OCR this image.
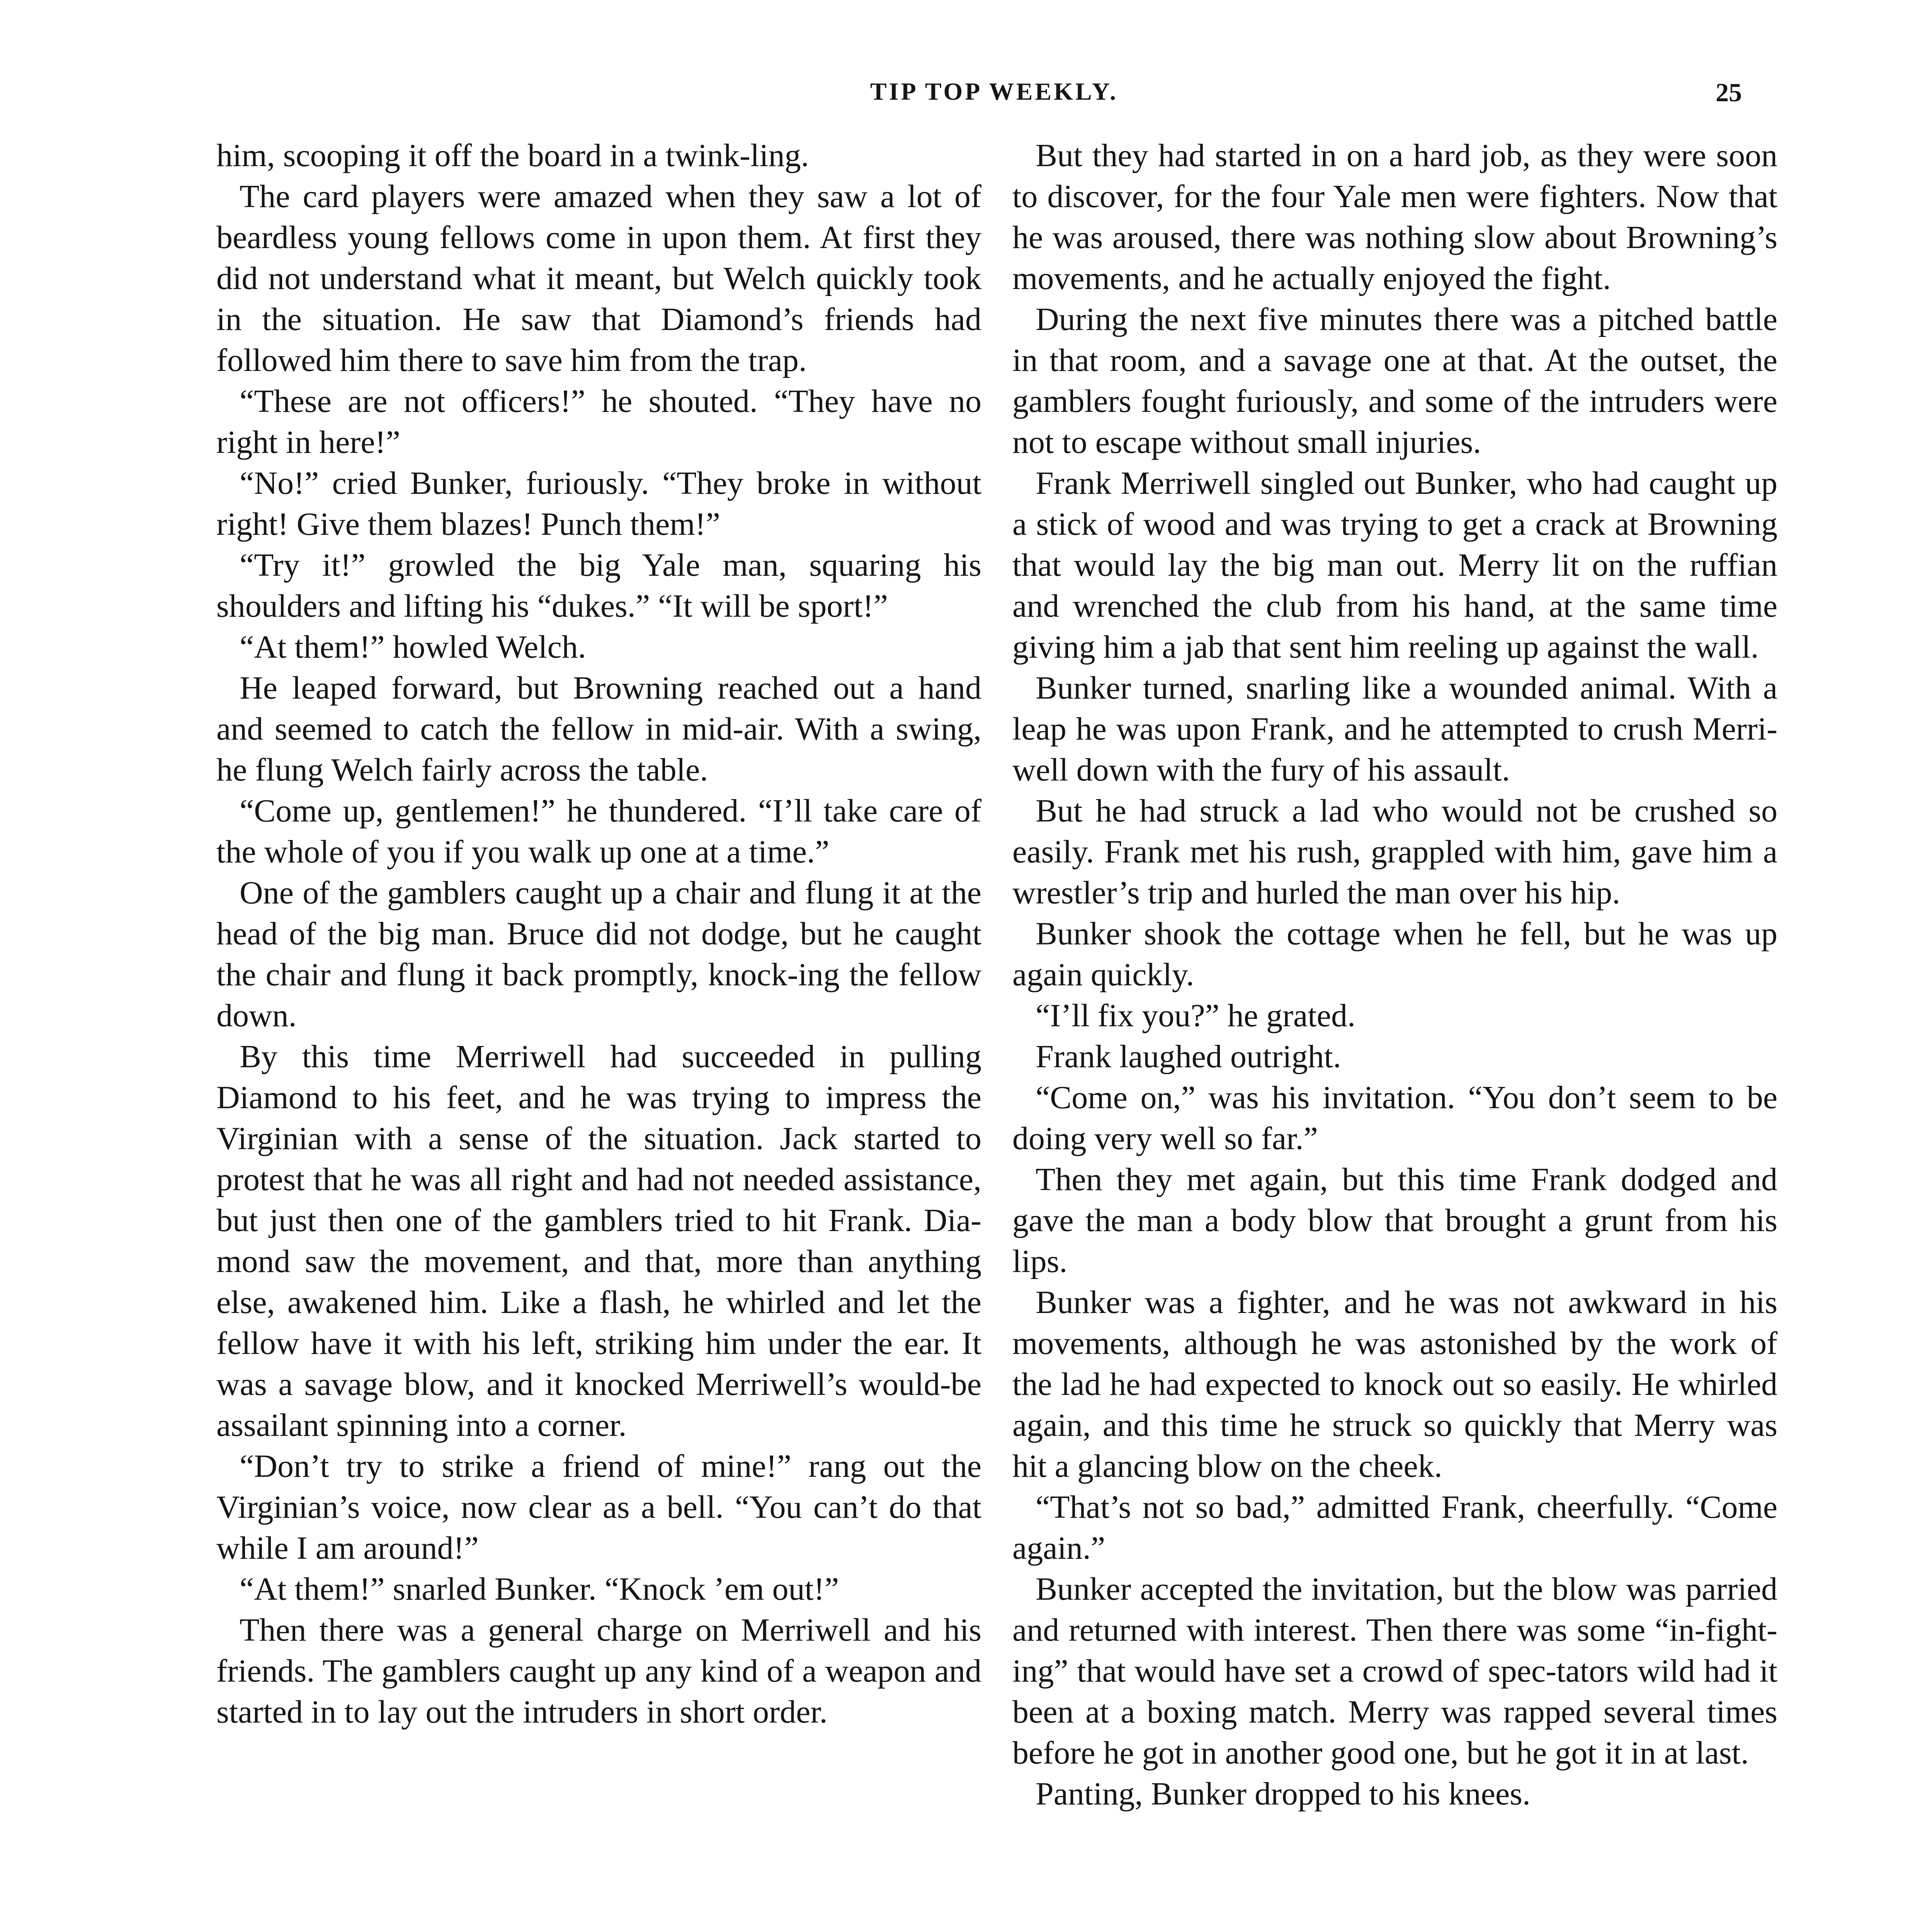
TIP TOP WEEKLY.	25

him, scooping it off the board in a twink-ling.

The card players were amazed when they saw a lot of beardless young fellows come in upon them. At first they did not understand what it meant, but Welch quickly took in the situation. He saw that Diamond’s friends had followed him there to save him from the trap.

“These are not officers!” he shouted. “They have no right in here!”

“No!” cried Bunker, furiously. “They broke in without right! Give them blazes! Punch them!”

“Try it!” growled the big Yale man, squaring his shoulders and lifting his “dukes.” “It will be sport!”

“At them!” howled Welch.

He leaped forward, but Browning reached out a hand and seemed to catch the fellow in mid-air. With a swing, he flung Welch fairly across the table.

“Come up, gentlemen!” he thundered. “I’ll take care of the whole of you if you walk up one at a time.”

One of the gamblers caught up a chair and flung it at the head of the big man. Bruce did not dodge, but he caught the chair and flung it back promptly, knock-ing the fellow down.

By this time Merriwell had succeeded in pulling Diamond to his feet, and he was trying to impress the Virginian with a sense of the situation. Jack started to protest that he was all right and had not needed assistance, but just then one of the gamblers tried to hit Frank. Dia-mond saw the movement, and that, more than anything else, awakened him. Like a flash, he whirled and let the fellow have it with his left, striking him under the ear. It was a savage blow, and it knocked Merriwell’s would-be assailant spinning into a corner.

“Don’t try to strike a friend of mine!” rang out the Virginian’s voice, now clear as a bell. “You can’t do that while I am around!”

“At them!” snarled Bunker. “Knock ’em out!”

Then there was a general charge on Merriwell and his friends. The gamblers caught up any kind of a weapon and started in to lay out the intruders in short order.

But they had started in on a hard job, as they were soon to discover, for the four Yale men were fighters. Now that he was aroused, there was nothing slow about Browning’s movements, and he actually enjoyed the fight.

During the next five minutes there was a pitched battle in that room, and a savage one at that. At the outset, the gamblers fought furiously, and some of the intruders were not to escape without small injuries.

Frank Merriwell singled out Bunker, who had caught up a stick of wood and was trying to get a crack at Browning that would lay the big man out. Merry lit on the ruffian and wrenched the club from his hand, at the same time giving him a jab that sent him reeling up against the wall.

Bunker turned, snarling like a wounded animal. With a leap he was upon Frank, and he attempted to crush Merri-well down with the fury of his assault.

But he had struck a lad who would not be crushed so easily. Frank met his rush, grappled with him, gave him a wrestler’s trip and hurled the man over his hip.

Bunker shook the cottage when he fell, but he was up again quickly.

“I’ll fix you?” he grated.

Frank laughed outright.

“Come on,” was his invitation. “You don’t seem to be doing very well so far.”

Then they met again, but this time Frank dodged and gave the man a body blow that brought a grunt from his lips.

Bunker was a fighter, and he was not awkward in his movements, although he was astonished by the work of the lad he had expected to knock out so easily. He whirled again, and this time he struck so quickly that Merry was hit a glancing blow on the cheek.

“That’s not so bad,” admitted Frank, cheerfully. “Come again.”

Bunker accepted the invitation, but the blow was parried and returned with interest. Then there was some “in-fight-ing” that would have set a crowd of spec-tators wild had it been at a boxing match. Merry was rapped several times before he got in another good one, but he got it in at last.

Panting, Bunker dropped to his knees.
